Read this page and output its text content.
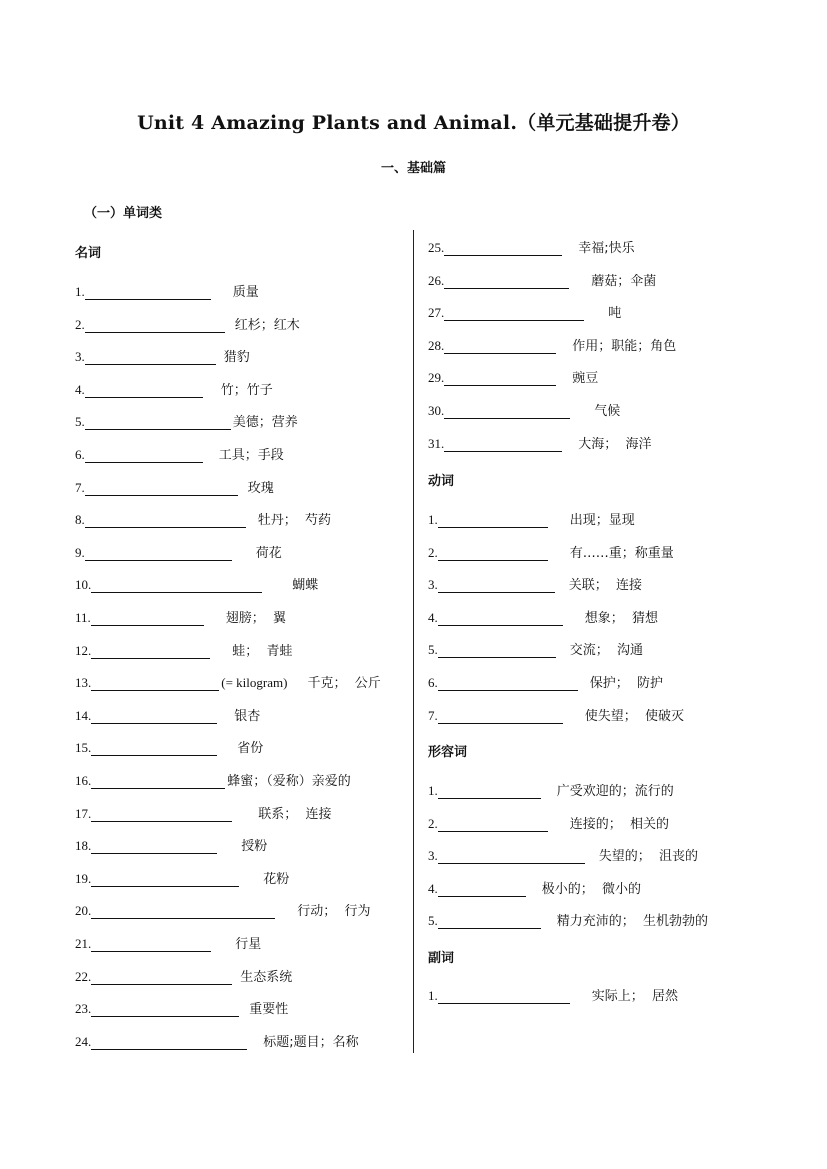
Unit 4 Amazing Plants and Animal.（单元基础提升卷）
一、基础篇
（一）单词类
名词
1.	质量
2.	红杉；红木
3.	猎豹
4.	竹；竹子
5.	美德；营养
6.	工具；手段
7.	玫瑰
8.	牡丹；  芍药
9.	荷花
10.	蝴蝶
11.	翅膀；  翼
12.	蛙；  青蛙
13.	(= kilogram) 千克；  公斤
14.	银杏
15.	省份
16.	蜂蜜；（爱称）亲爱的
17.	联系；  连接
18.	授粉
19.	花粉
20.	行动；  行为
21.	行星
22.	生态系统
23.	重要性
24.	标题;题目；名称
25.	幸福;快乐
26.	蘑菇；伞菌
27.	吨
28.	作用；职能；角色
29.	豌豆
30.	气候
31.	大海；  海洋
动词
1.	出现；显现
2.	有……重；称重量
3.	关联；  连接
4.	想象；  猜想
5.	交流；  沟通
6.	保护；  防护
7.	使失望；  使破灭
形容词
1.	广受欢迎的；流行的
2.	连接的；  相关的
3.	失望的；  沮丧的
4.	极小的；  微小的
5.	精力充沛的；  生机勃勃的
副词
1.	实际上；  居然
